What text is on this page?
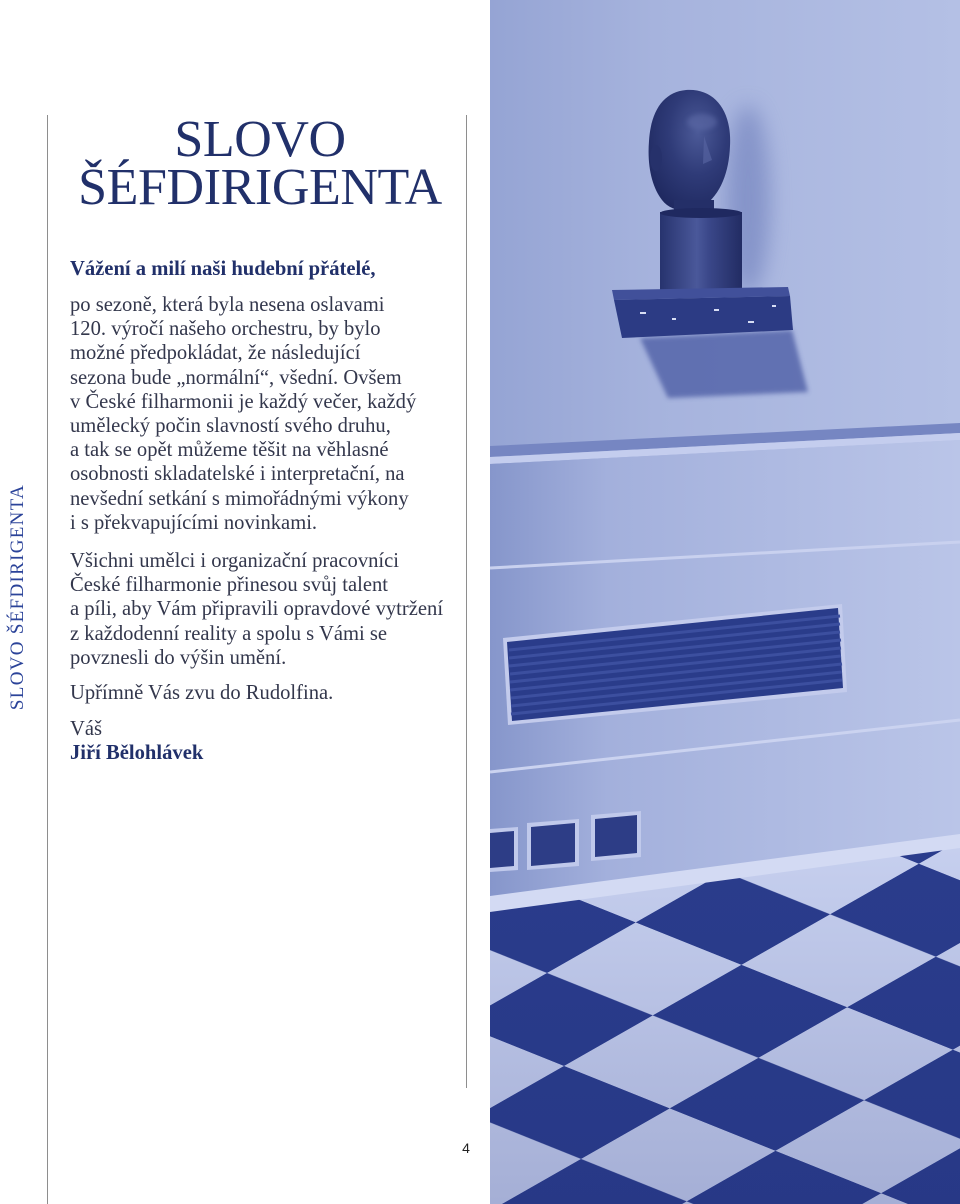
SLOVO ŠÉFDIRIGENTA
SLOVO
ŠÉFDIRIGENTA
Vážení a milí naši hudební přátelé,
po sezoně, která byla nesena oslavami
120. výročí našeho orchestru, by bylo
možné předpokládat, že následující
sezona bude „normální“, všední. Ovšem
v České filharmonii je každý večer, každý
umělecký počin slavností svého druhu,
a tak se opět můžeme těšit na věhlasné
osobnosti skladatelské i interpretační, na
nevšední setkání s mimořádnými výkony
i s překvapujícími novinkami.
Všichni umělci i organizační pracovníci
České filharmonie přinesou svůj talent
a píli, aby Vám připravili opravdové vytržení
z každodenní reality a spolu s Vámi se
povznesli do výšin umění.
Upřímně Vás zvu do Rudolfina.
Váš
Jiří Bělohlávek
4
